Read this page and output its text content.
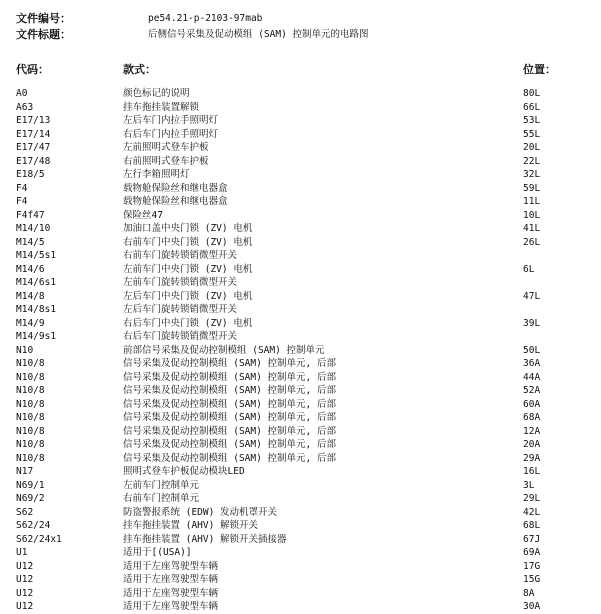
文件编号：	pe54.21-p-2103-97mab
文件标题：	后侧信号采集及促动模组 (SAM) 控制单元的电路图
代码：	款式：	位置：
A0	颜色标记的说明	80L
A63	挂车拖挂装置解锁	66L
E17/13	左后车门内拉手照明灯	53L
E17/14	右后车门内拉手照明灯	55L
E17/47	左前照明式登车护板	20L
E17/48	右前照明式登车护板	22L
E18/5	左行李箱照明灯	32L
F4	载物舱保险丝和继电器盒	59L
F4	载物舱保险丝和继电器盒	11L
F4f47	保险丝47	10L
M14/10	加油口盖中央门锁 (ZV) 电机	41L
M14/5	右前车门中央门锁 (ZV) 电机	26L
M14/5s1	右前车门旋转锁销微型开关
M14/6	左前车门中央门锁 (ZV) 电机	6L
M14/6s1	左前车门旋转锁销微型开关
M14/8	左后车门中央门锁 (ZV) 电机	47L
M14/8s1	左后车门旋转锁销微型开关
M14/9	右后车门中央门锁 (ZV) 电机	39L
M14/9s1	右后车门旋转锁销微型开关
N10	前部信号采集及促动控制模组 (SAM) 控制单元	50L
N10/8	信号采集及促动控制模组 (SAM) 控制单元, 后部	36A
N10/8	信号采集及促动控制模组 (SAM) 控制单元, 后部	44A
N10/8	信号采集及促动控制模组 (SAM) 控制单元, 后部	52A
N10/8	信号采集及促动控制模组 (SAM) 控制单元, 后部	60A
N10/8	信号采集及促动控制模组 (SAM) 控制单元, 后部	68A
N10/8	信号采集及促动控制模组 (SAM) 控制单元, 后部	12A
N10/8	信号采集及促动控制模组 (SAM) 控制单元, 后部	20A
N10/8	信号采集及促动控制模组 (SAM) 控制单元, 后部	29A
N17	照明式登车护板促动模块LED	16L
N69/1	左前车门控制单元	3L
N69/2	右前车门控制单元	29L
S62	防盗警报系统 (EDW) 发动机罩开关	42L
S62/24	挂车拖挂装置 (AHV) 解锁开关	68L
S62/24x1	挂车拖挂装置 (AHV) 解锁开关插接器	67J
U1	适用于[(USA)]	69A
U12	适用于左座驾驶型车辆	17G
U12	适用于左座驾驶型车辆	15G
U12	适用于左座驾驶型车辆	8A
U12	适用于左座驾驶型车辆	30A
